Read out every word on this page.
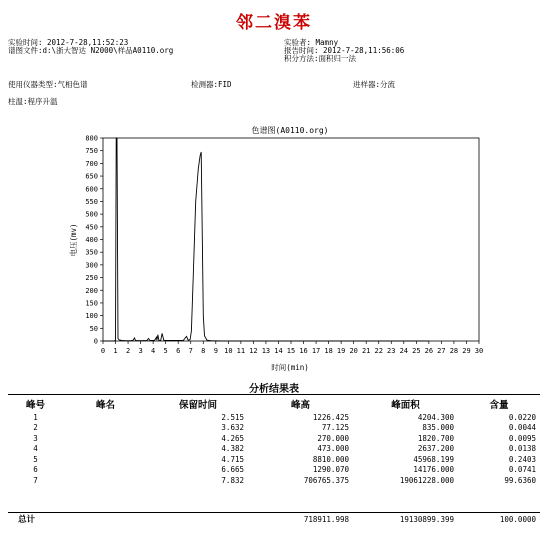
邻二溴苯
实验时间: 2012-7-28,11:52:23
谱图文件:d:\浙大智达 N2000\样品A0110.org
实验者: Mamny
报告时间: 2012-7-28,11:56:06
积分方法:面积归一法
使用仪器类型:气相色谱	检测器:FID	进样器:分流
柱温:程序升温
色谱图(A0110.org)
电压(mv)
时间(min)
0
50
100
150
200
250
300
350
400
450
500
550
600
650
700
750
800
0 1 2 3 4 5 6 7 8 9 10 11 12 13 14 15 16 17 18 19 20 21 22 23 24 25 26 27 28 29 30
分析结果表
峰号	峰名	保留时间	峰高	峰面积	含量
1		2.515	1226.425	4204.300	0.0220
2		3.632	77.125	835.000	0.0044
3		4.265	270.000	1820.700	0.0095
4		4.382	473.000	2637.200	0.0138
5		4.715	8810.000	45968.199	0.2403
6		6.665	1290.070	14176.000	0.0741
7		7.832	706765.375	19061228.000	99.6360
总计			718911.998	19130899.399	100.0000
